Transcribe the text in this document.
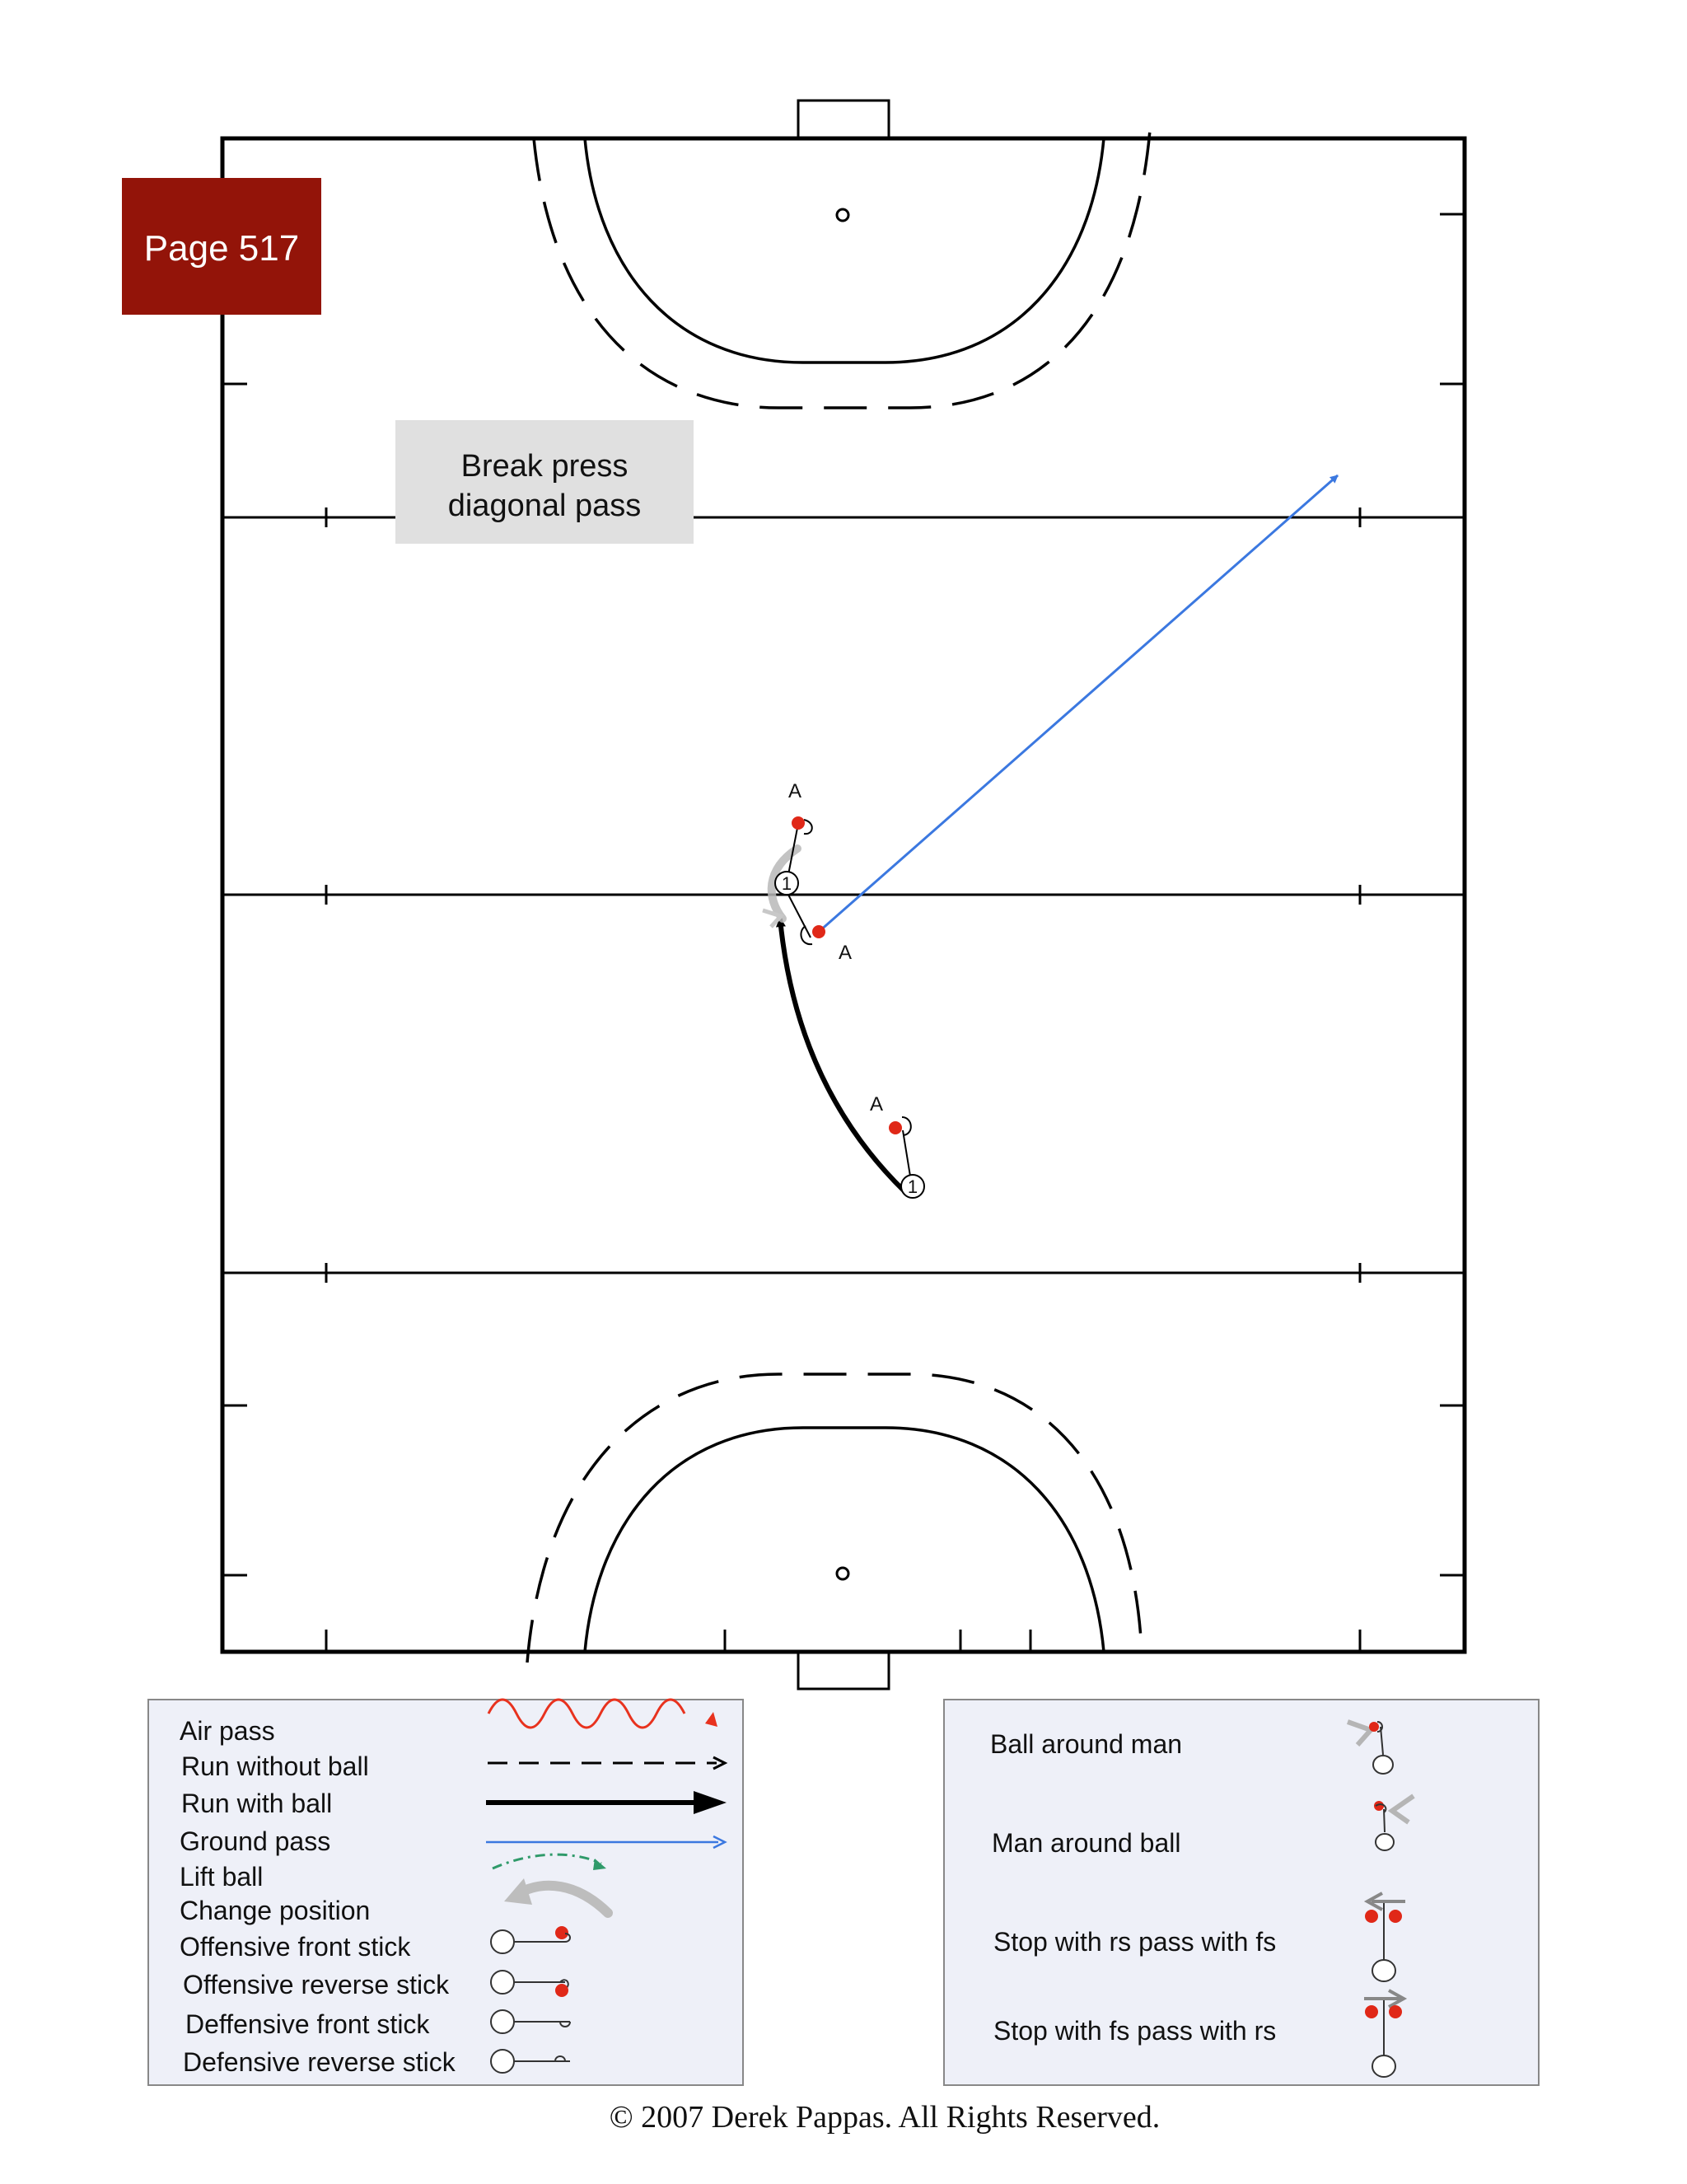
Page 517
Break press
diagonal pass
A
1
A
A
1
Air pass
Run without ball
Run with ball
Ground pass
Lift ball
Change position
Offensive front stick
Offensive reverse stick
Deffensive front stick
Defensive reverse stick
Ball around man
Man around ball
Stop with rs pass with fs
Stop with fs pass with rs
© 2007 Derek Pappas. All Rights Reserved.
